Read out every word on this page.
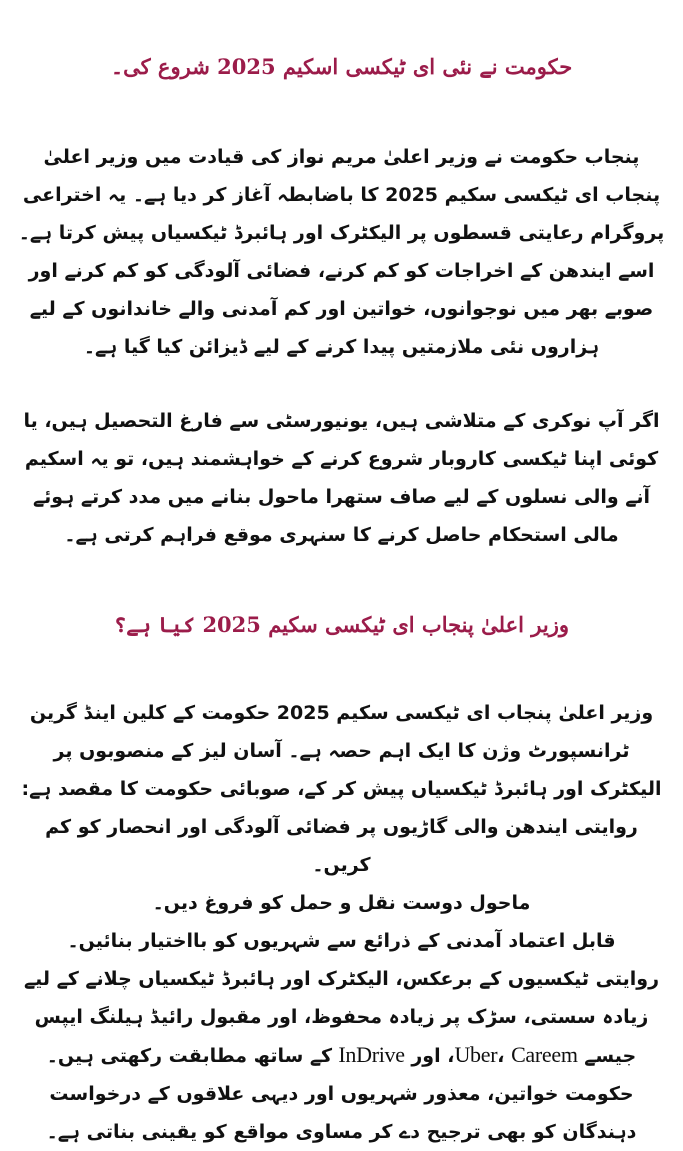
حکومت نے نئی ای ٹیکسی اسکیم 2025 شروع کی۔

پنجاب حکومت نے وزیر اعلیٰ مریم نواز کی قیادت میں وزیر اعلیٰ پنجاب ای ٹیکسی سکیم 2025 کا باضابطہ آغاز کر دیا ہے۔ یہ اختراعی پروگرام رعایتی قسطوں پر الیکٹرک اور ہائبرڈ ٹیکسیاں پیش کرتا ہے۔ اسے ایندھن کے اخراجات کو کم کرنے، فضائی آلودگی کو کم کرنے اور صوبے بھر میں نوجوانوں، خواتین اور کم آمدنی والے خاندانوں کے لیے ہزاروں نئی ملازمتیں پیدا کرنے کے لیے ڈیزائن کیا گیا ہے۔

اگر آپ نوکری کے متلاشی ہیں، یونیورسٹی سے فارغ التحصیل ہیں، یا کوئی اپنا ٹیکسی کاروبار شروع کرنے کے خواہشمند ہیں، تو یہ اسکیم آنے والی نسلوں کے لیے صاف ستھرا ماحول بنانے میں مدد کرتے ہوئے مالی استحکام حاصل کرنے کا سنہری موقع فراہم کرتی ہے۔

وزیر اعلیٰ پنجاب ای ٹیکسی سکیم 2025 کیا ہے؟

وزیر اعلیٰ پنجاب ای ٹیکسی سکیم 2025 حکومت کے کلین اینڈ گرین ٹرانسپورٹ وژن کا ایک اہم حصہ ہے۔ آسان لیز کے منصوبوں پر الیکٹرک اور ہائبرڈ ٹیکسیاں پیش کر کے، صوبائی حکومت کا مقصد ہے:

روایتی ایندھن والی گاڑیوں پر فضائی آلودگی اور انحصار کو کم کریں۔
ماحول دوست نقل و حمل کو فروغ دیں۔
قابل اعتماد آمدنی کے ذرائع سے شہریوں کو بااختیار بنائیں۔

روایتی ٹیکسیوں کے برعکس، الیکٹرک اور ہائبرڈ ٹیکسیاں چلانے کے لیے زیادہ سستی، سڑک پر زیادہ محفوظ، اور مقبول رائیڈ ہیلنگ ایپس جیسے Uber، Careem، اور InDrive کے ساتھ مطابقت رکھتی ہیں۔ حکومت خواتین، معذور شہریوں اور دیہی علاقوں کے درخواست دہندگان کو بھی ترجیح دے کر مساوی مواقع کو یقینی بناتی ہے۔
